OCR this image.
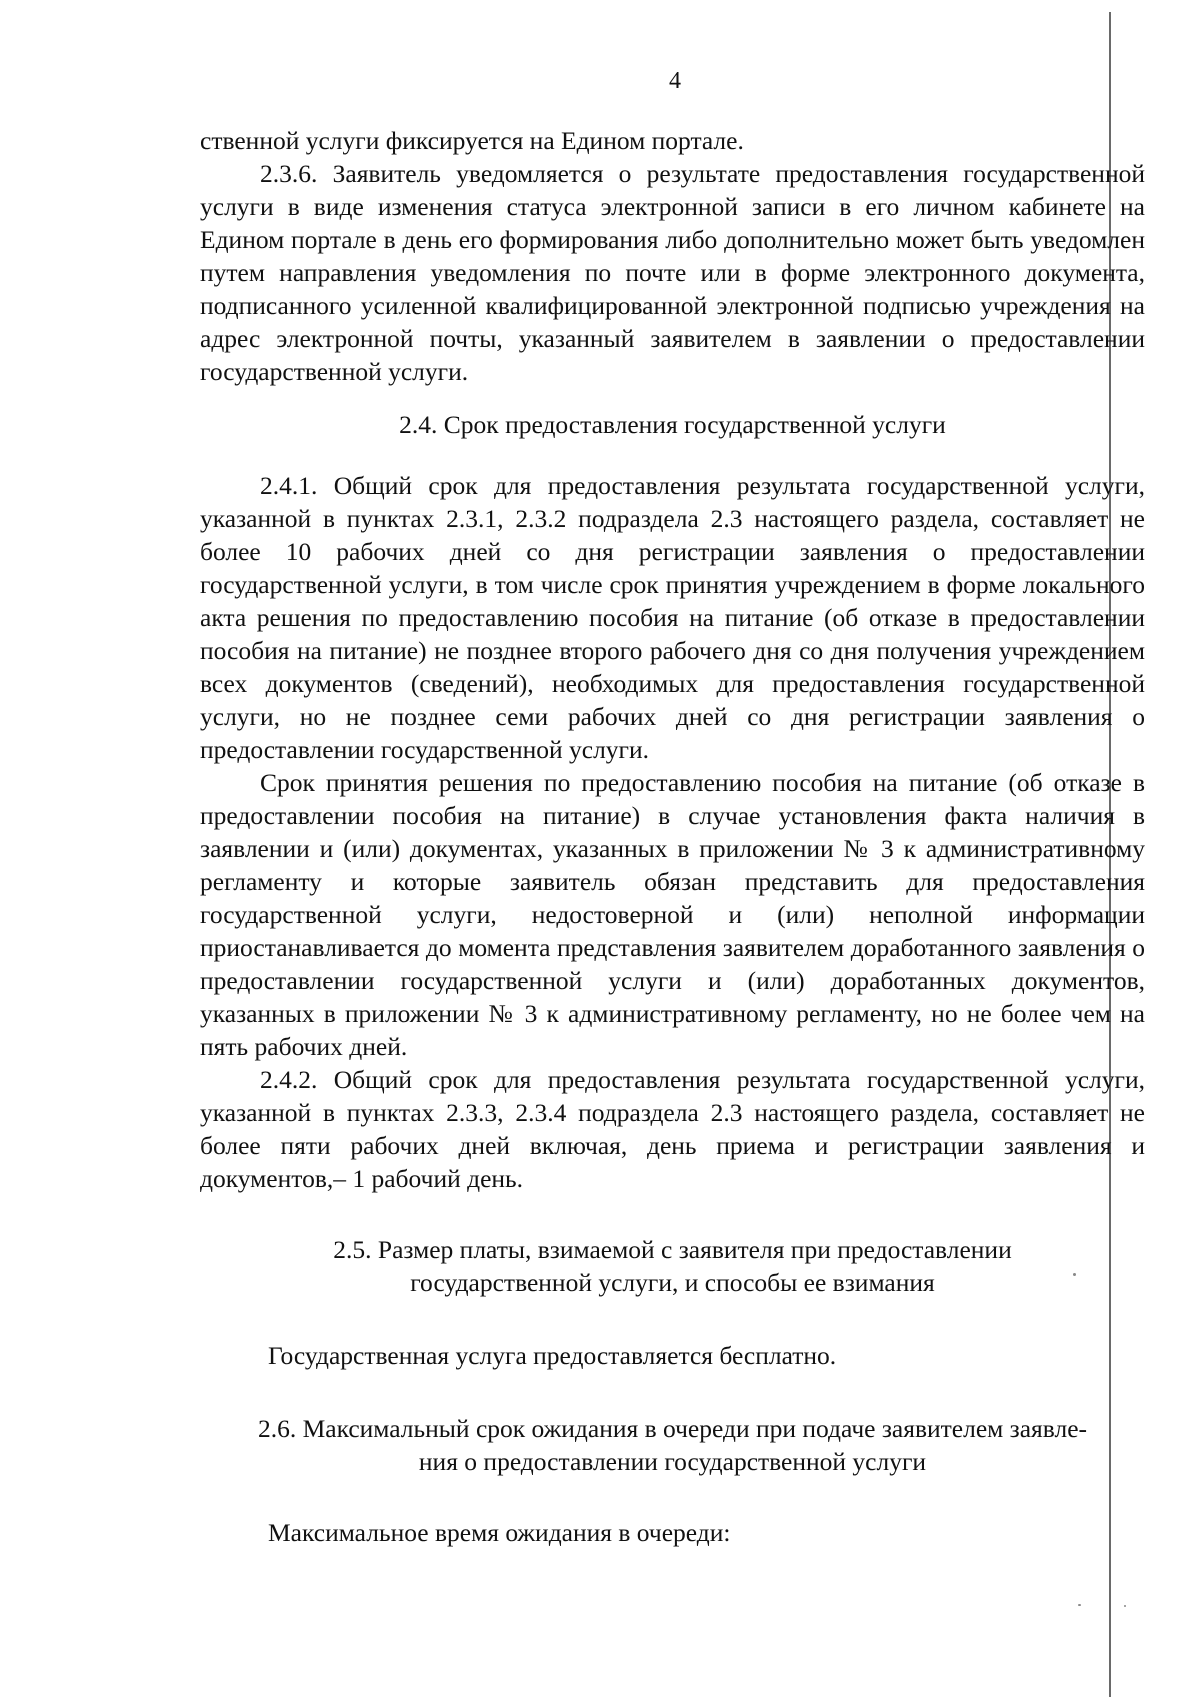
4

ственной услуги фиксируется на Едином портале.

2.3.6. Заявитель уведомляется о результате предоставления государственной услуги в виде изменения статуса электронной записи в его личном кабинете на Едином портале в день его формирования либо дополнительно может быть уведомлен путем направления уведомления по почте или в форме электронного документа, подписанного усиленной квалифицированной электронной подписью учреждения на адрес электронной почты, указанный заявителем в заявлении о предоставлении государственной услуги.

2.4. Срок предоставления государственной услуги

2.4.1. Общий срок для предоставления результата государственной услуги, указанной в пунктах 2.3.1, 2.3.2 подраздела 2.3 настоящего раздела, составляет не более 10 рабочих дней со дня регистрации заявления о предоставлении государственной услуги, в том числе срок принятия учреждением в форме локального акта решения по предоставлению пособия на питание (об отказе в предоставлении пособия на питание) не позднее второго рабочего дня со дня получения учреждением всех документов (сведений), необходимых для предоставления государственной услуги, но не позднее семи рабочих дней со дня регистрации заявления о предоставлении государственной услуги.

Срок принятия решения по предоставлению пособия на питание (об отказе в предоставлении пособия на питание) в случае установления факта наличия в заявлении и (или) документах, указанных в приложении № 3 к административному регламенту и которые заявитель обязан представить для предоставления государственной услуги, недостоверной и (или) неполной информации приостанавливается до момента представления заявителем доработанного заявления о предоставлении государственной услуги и (или) доработанных документов, указанных в приложении № 3 к административному регламенту, но не более чем на пять рабочих дней.

2.4.2. Общий срок для предоставления результата государственной услуги, указанной в пунктах 2.3.3, 2.3.4 подраздела 2.3 настоящего раздела, составляет не более пяти рабочих дней включая, день приема и регистрации заявления и документов,– 1 рабочий день.

2.5. Размер платы, взимаемой с заявителя при предоставлении

государственной услуги, и способы ее взимания

Государственная услуга предоставляется бесплатно.

2.6. Максимальный срок ожидания в очереди при подаче заявителем заявле-

ния о предоставлении государственной услуги

Максимальное время ожидания в очереди:
